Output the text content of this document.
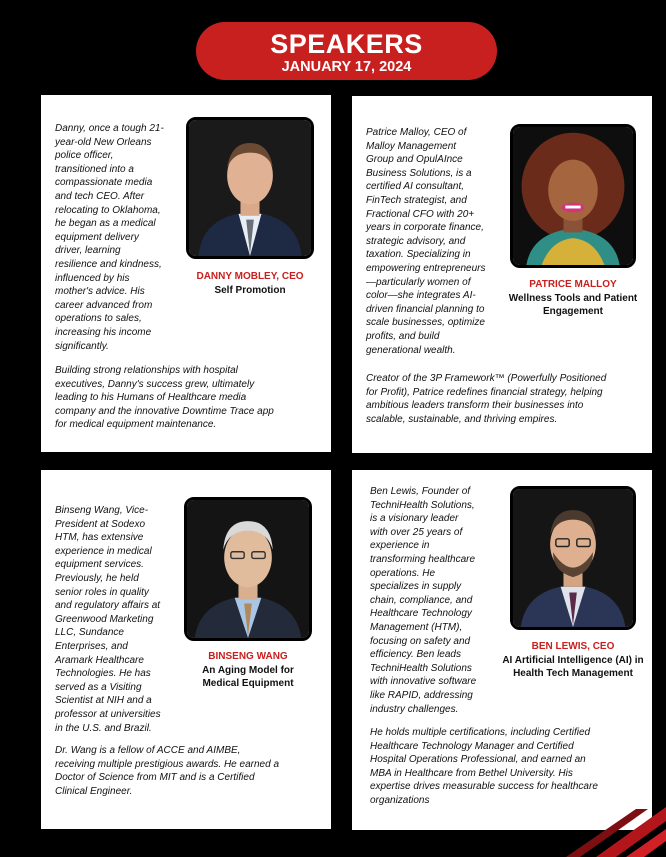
SPEAKERS
JANUARY 17, 2024
Danny, once a tough 21-
year-old New Orleans
police officer,
transitioned into a
compassionate media
and tech CEO. After
relocating to Oklahoma,
he began as a medical
equipment delivery
driver, learning
resilience and kindness,
influenced by his
mother's advice. His
career advanced from
operations to sales,
increasing his income
significantly.
DANNY MOBLEY, CEO
Self Promotion
Building strong relationships with hospital
executives, Danny's success grew, ultimately
leading to his Humans of Healthcare media
company and the innovative Downtime Trace app
for medical equipment maintenance.
Patrice Malloy, CEO of
Malloy Management
Group and OpulAInce
Business Solutions, is a
certified AI consultant,
FinTech strategist, and
Fractional CFO with 20+
years in corporate finance,
strategic advisory, and
taxation. Specializing in
empowering entrepreneurs
—particularly women of
color—she integrates AI-
driven financial planning to
scale businesses, optimize
profits, and build
generational wealth.
PATRICE MALLOY
Wellness Tools and Patient Engagement
Creator of the 3P Framework™ (Powerfully Positioned
for Profit), Patrice redefines financial strategy, helping
ambitious leaders transform their businesses into
scalable, sustainable, and thriving empires.
Binseng Wang, Vice-
President at Sodexo
HTM, has extensive
experience in medical
equipment services.
Previously, he held
senior roles in quality
and regulatory affairs at
Greenwood Marketing
LLC, Sundance
Enterprises, and
Aramark Healthcare
Technologies. He has
served as a Visiting
Scientist at NIH and a
professor at universities
in the U.S. and Brazil.
BINSENG WANG
An Aging Model for Medical Equipment
Dr. Wang is a fellow of ACCE and AIMBE,
receiving multiple prestigious awards. He earned a
Doctor of Science from MIT and is a Certified
Clinical Engineer.
Ben Lewis, Founder of
TechniHealth Solutions,
is a visionary leader
with over 25 years of
experience in
transforming healthcare
operations. He
specializes in supply
chain, compliance, and
Healthcare Technology
Management (HTM),
focusing on safety and
efficiency. Ben leads
TechniHealth Solutions
with innovative software
like RAPID, addressing
industry challenges.
BEN LEWIS, CEO
AI Artificial Intelligence (AI) in Health Tech Management
He holds multiple certifications, including Certified
Healthcare Technology Manager and Certified
Hospital Operations Professional, and earned an
MBA in Healthcare from Bethel University. His
expertise drives measurable success for healthcare
organizations
